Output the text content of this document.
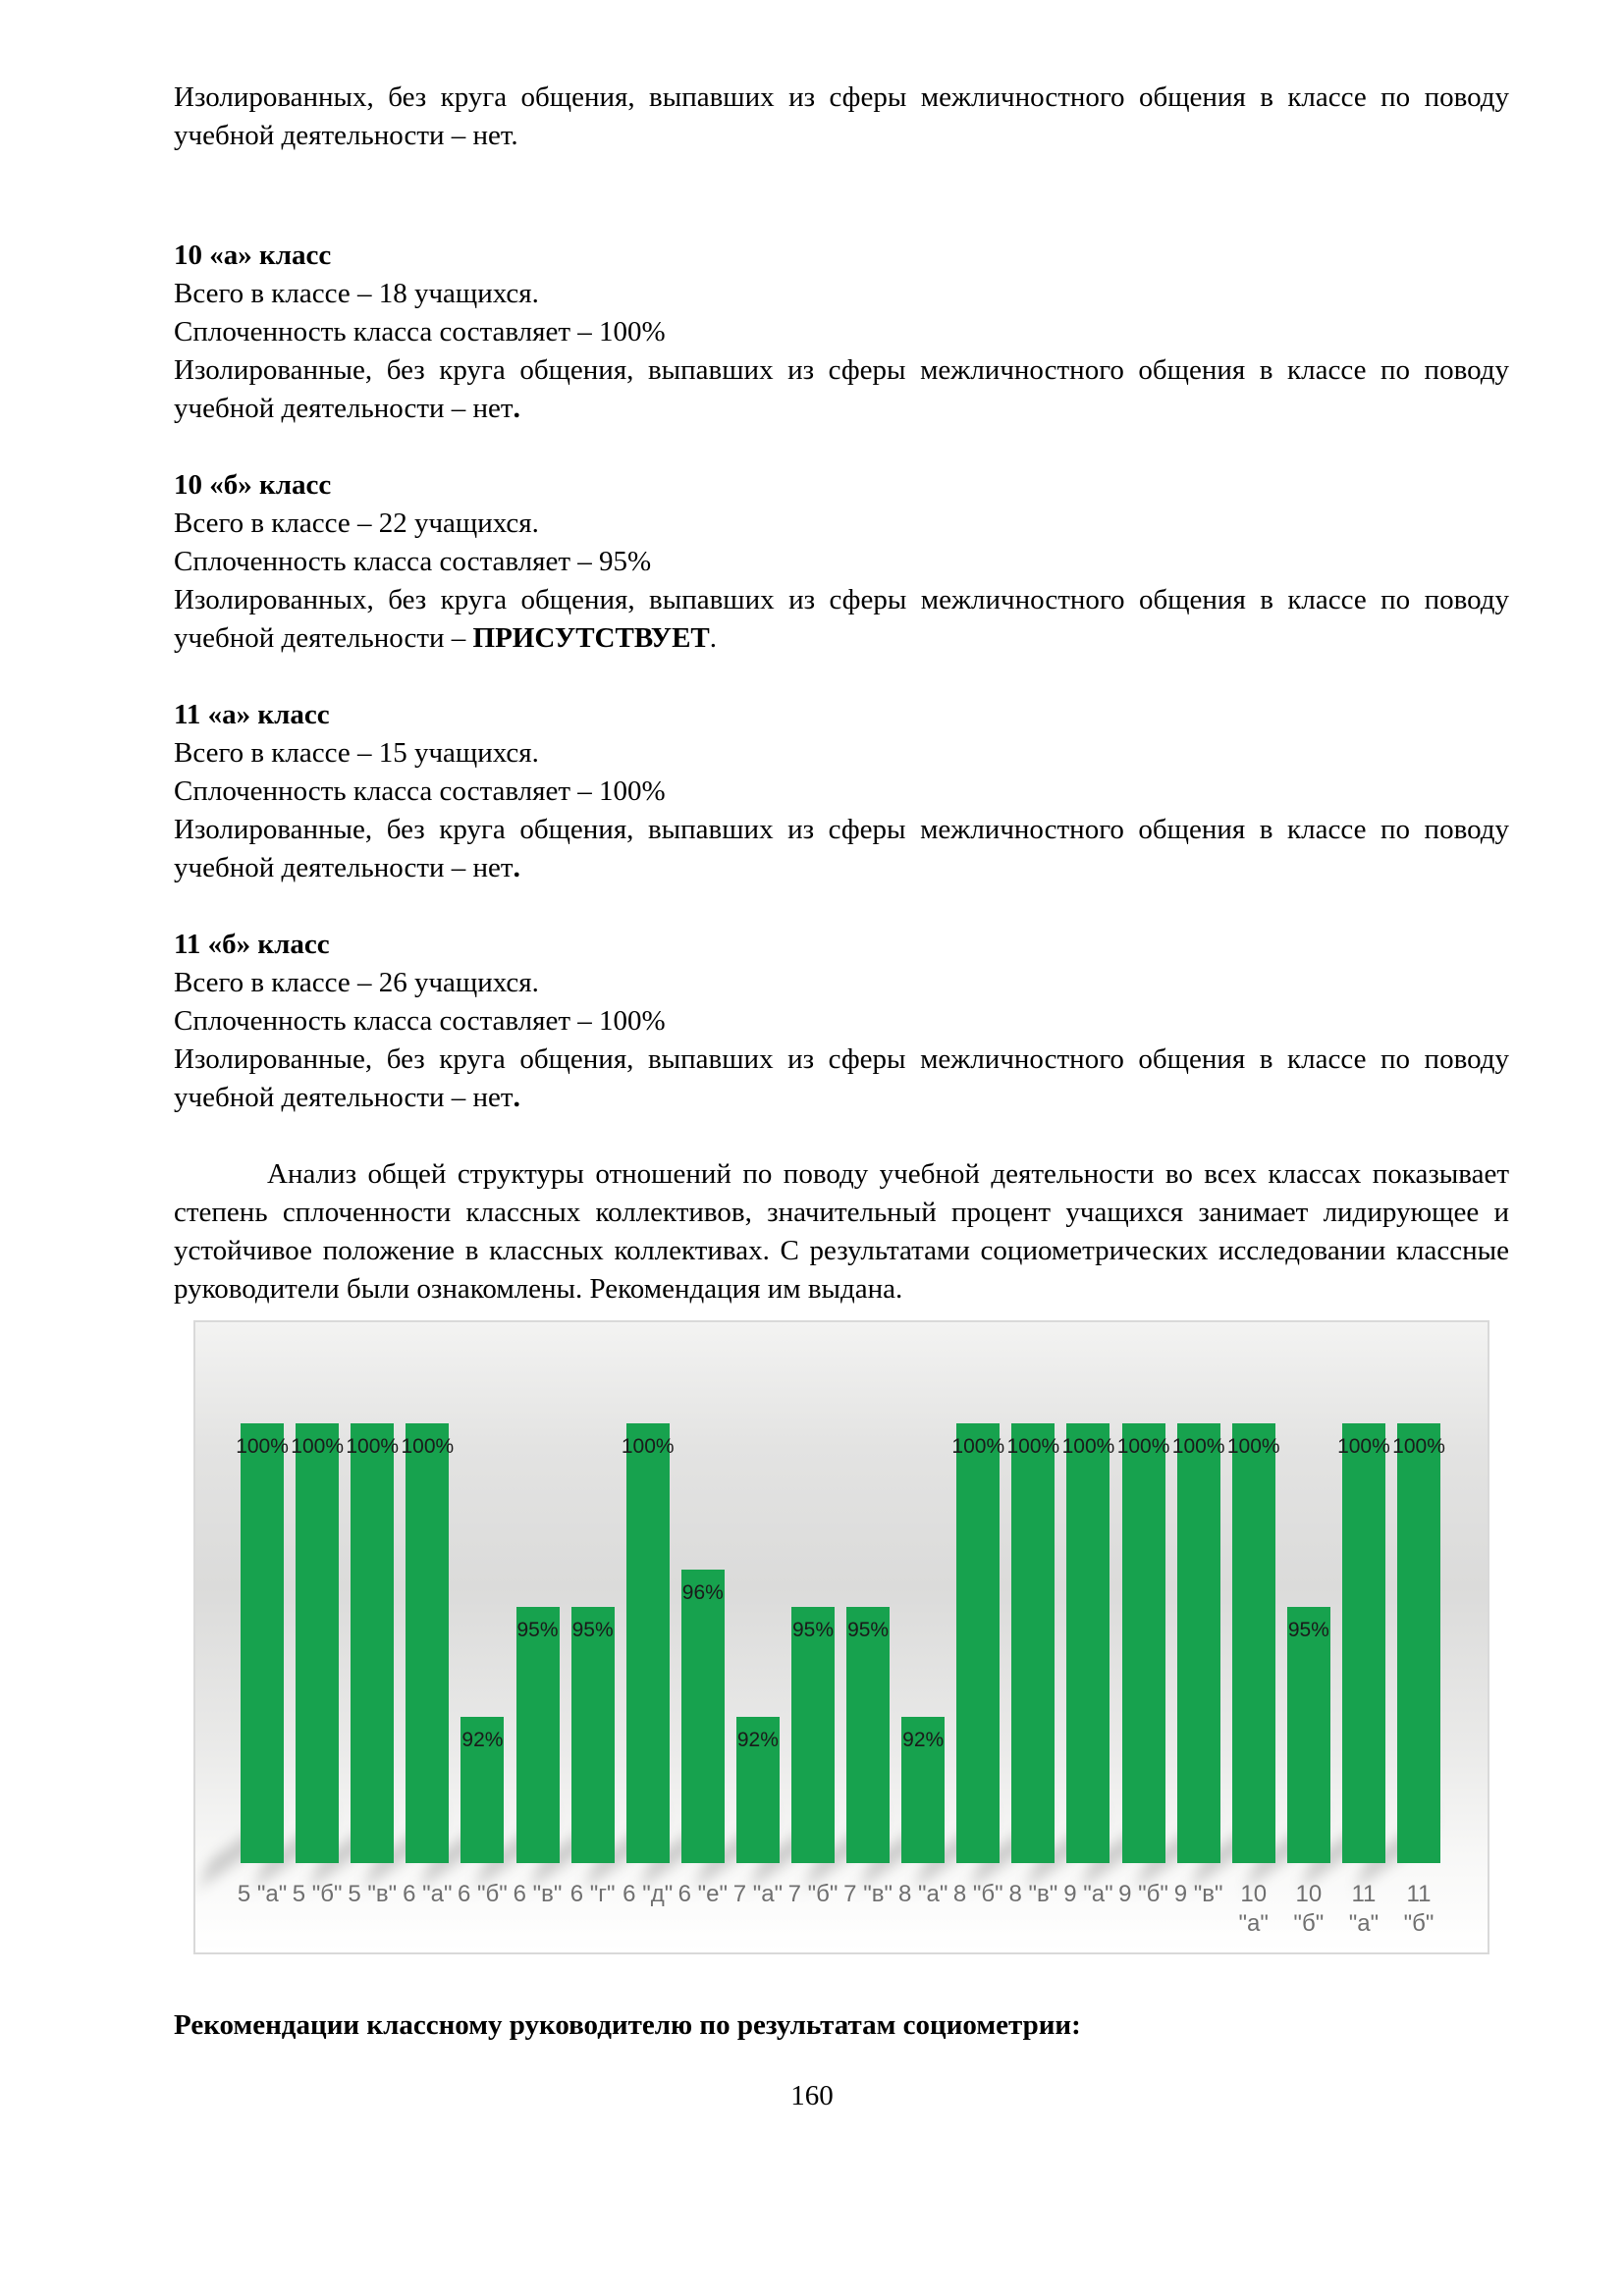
Изолированных, без круга общения, выпавших из сферы межличностного общения в классе по поводу учебной деятельности – нет.

10 «а» класс

Всего в классе – 18 учащихся.

Сплоченность класса составляет – 100%

Изолированные, без круга общения, выпавших из сферы межличностного общения в классе по поводу учебной деятельности – нет.

10 «б» класс

Всего в классе – 22 учащихся.

Сплоченность класса составляет – 95%

Изолированных, без круга общения, выпавших из сферы межличностного общения в классе по поводу учебной деятельности – ПРИСУТСТВУЕТ.

11 «а» класс

Всего в классе – 15 учащихся.

Сплоченность класса составляет – 100%

Изолированные, без круга общения, выпавших из сферы межличностного общения в классе по поводу учебной деятельности – нет.

11 «б» класс

Всего в классе – 26 учащихся.

Сплоченность класса составляет – 100%

Изолированные, без круга общения, выпавших из сферы межличностного общения в классе по поводу учебной деятельности – нет.

Анализ общей структуры отношений по поводу учебной деятельности во всех классах показывает степень сплоченности классных коллективов, значительный процент учащихся занимает лидирующее и устойчивое положение в классных коллективах. С результатами социометрических исследовании классные руководители были ознакомлены. Рекомендация им выдана.

100% 100% 100% 100%
92%
95% 95%
100%
96%
92%
95% 95%
92%
100% 100% 100% 100% 100% 100%
95%
100% 100%
5 "а" 5 "б" 5 "в" 6 "а" 6 "б" 6 "в" 6 "г" 6 "д" 6 "е" 7 "а" 7 "б" 7 "в" 8 "а" 8 "б" 8 "в" 9 "а" 9 "б" 9 "в" 10
"а"
10
"б"
11
"а"
11
"б"

Рекомендации классному руководителю по результатам социометрии:

160
